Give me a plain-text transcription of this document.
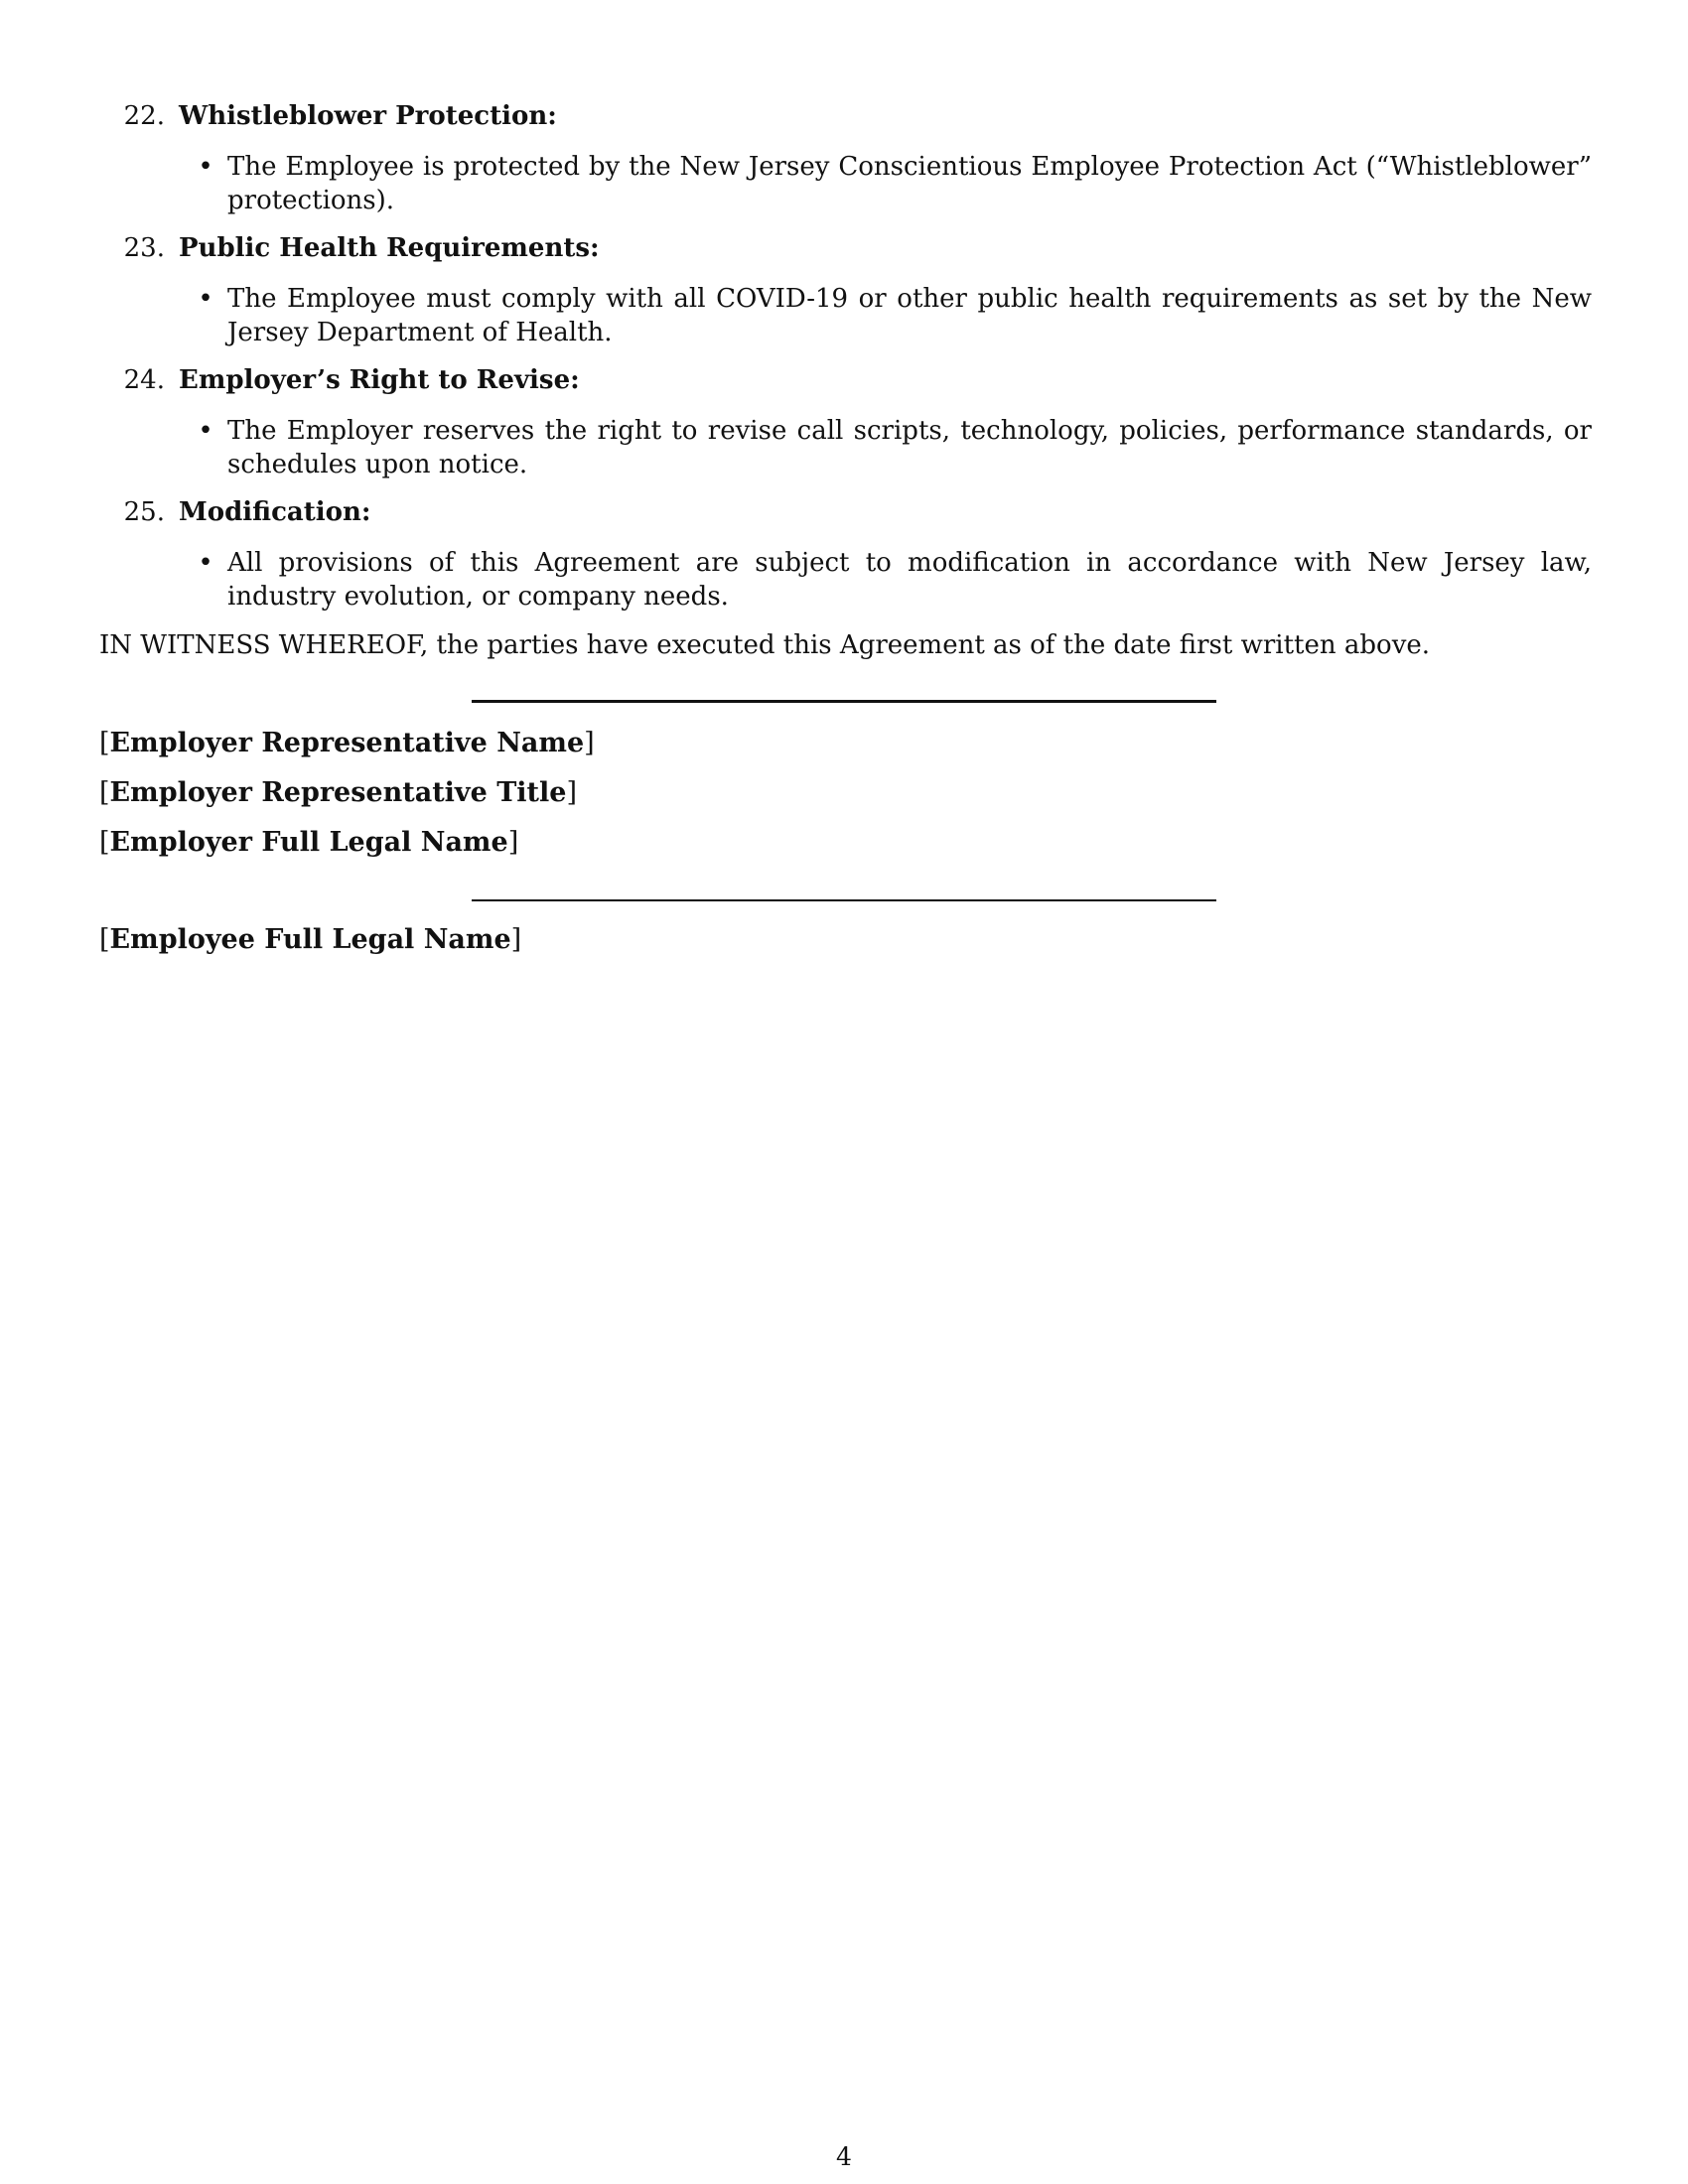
22. Whistleblower Protection:
• The Employee is protected by the New Jersey Conscientious Employee Protection Act (“Whistleblower” protections).
23. Public Health Requirements:
• The Employee must comply with all COVID-19 or other public health requirements as set by the New Jersey Department of Health.
24. Employer’s Right to Revise:
• The Employer reserves the right to revise call scripts, technology, policies, performance standards, or schedules upon notice.
25. Modification:
• All provisions of this Agreement are subject to modification in accordance with New Jersey law, industry evolution, or company needs.
IN WITNESS WHEREOF, the parties have executed this Agreement as of the date first written above.
[Employer Representative Name]
[Employer Representative Title]
[Employer Full Legal Name]
[Employee Full Legal Name]
4
